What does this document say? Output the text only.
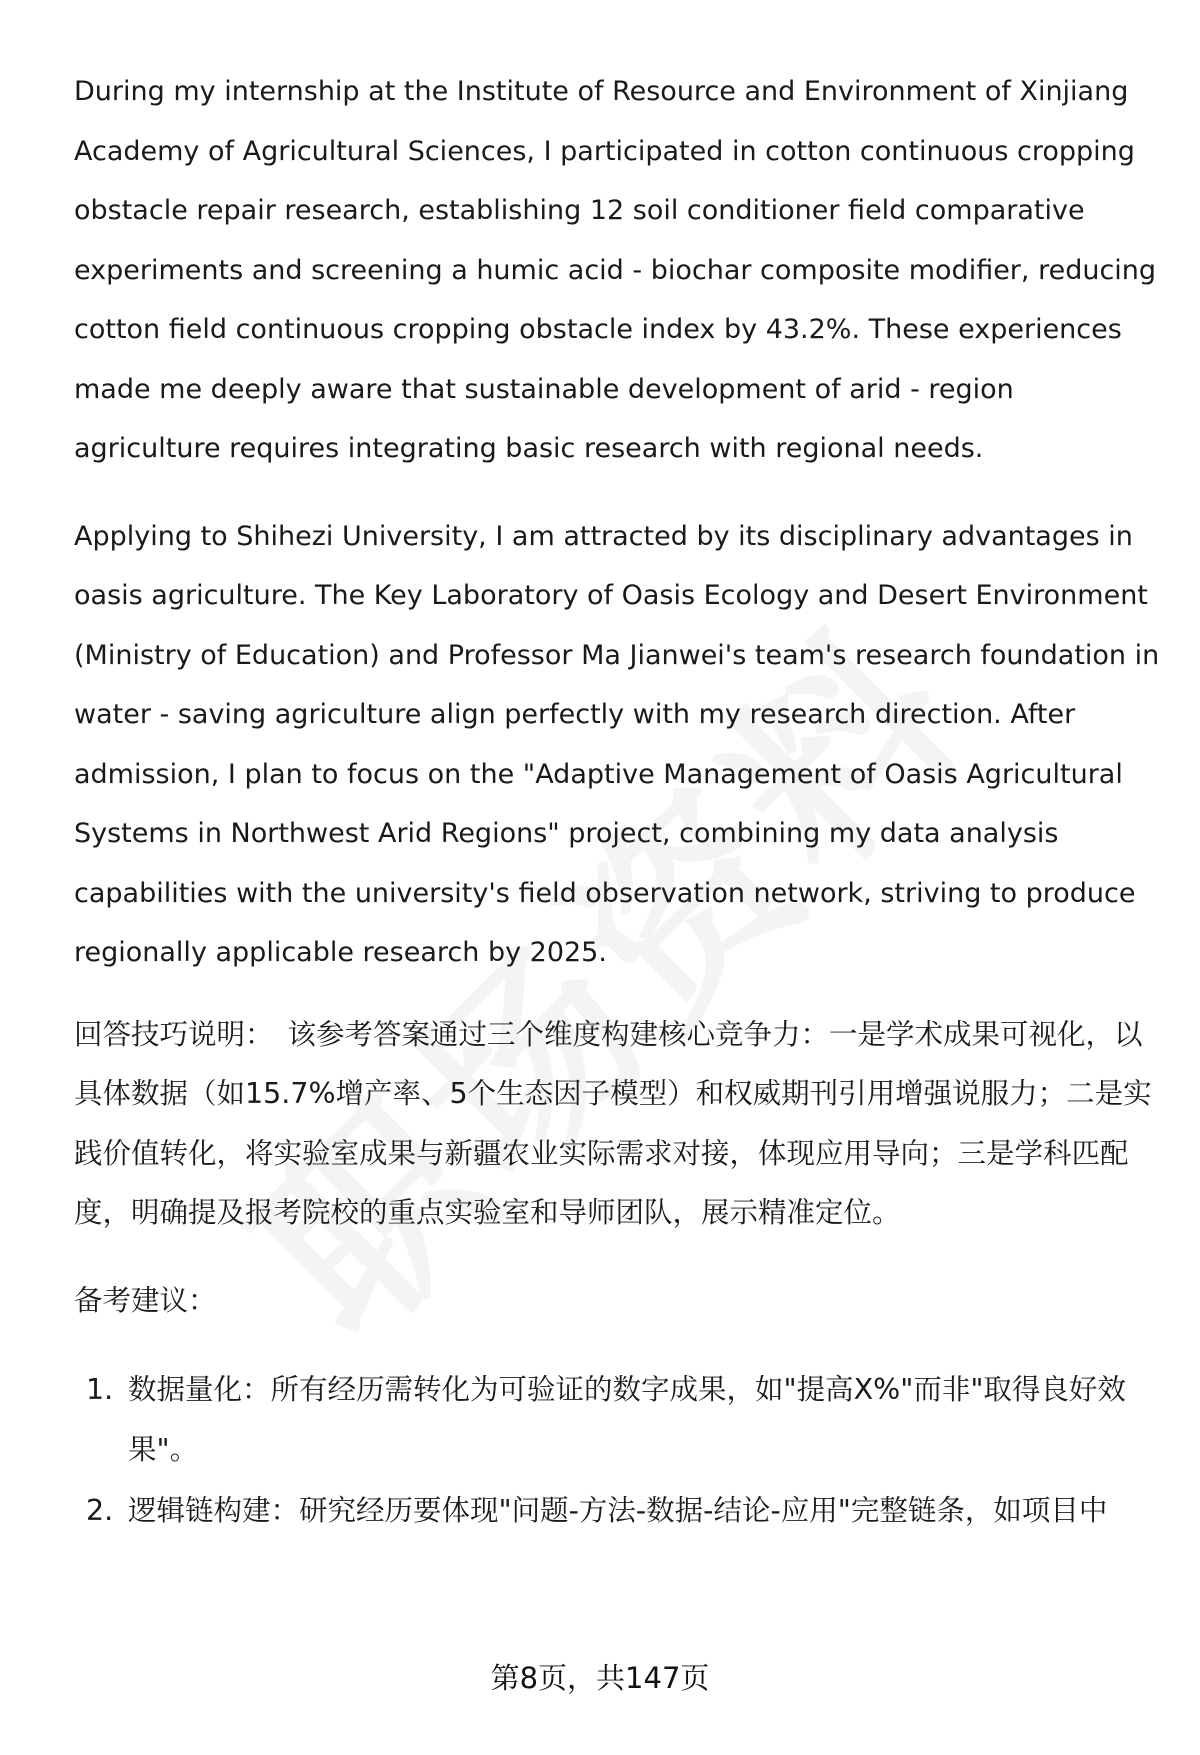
During my internship at the Institute of Resource and Environment of Xinjiang Academy of Agricultural Sciences, I participated in cotton continuous cropping obstacle repair research, establishing 12 soil conditioner field comparative experiments and screening a humic acid - biochar composite modifier, reducing cotton field continuous cropping obstacle index by 43.2%. These experiences made me deeply aware that sustainable development of arid - region agriculture requires integrating basic research with regional needs.

Applying to Shihezi University, I am attracted by its disciplinary advantages in oasis agriculture. The Key Laboratory of Oasis Ecology and Desert Environment (Ministry of Education) and Professor Ma Jianwei's team's research foundation in water - saving agriculture align perfectly with my research direction. After admission, I plan to focus on the "Adaptive Management of Oasis Agricultural Systems in Northwest Arid Regions" project, combining my data analysis capabilities with the university's field observation network, striving to produce regionally applicable research by 2025.

回答技巧说明： 该参考答案通过三个维度构建核心竞争力：一是学术成果可视化，以具体数据（如15.7%增产率、5个生态因子模型）和权威期刊引用增强说服力；二是实践价值转化，将实验室成果与新疆农业实际需求对接，体现应用导向；三是学科匹配度，明确提及报考院校的重点实验室和导师团队，展示精准定位。

备考建议：

1. 数据量化：所有经历需转化为可验证的数字成果，如"提高X%"而非"取得良好效果"。
2. 逻辑链构建：研究经历要体现"问题-方法-数据-结论-应用"完整链条，如项目中
第8页，共147页
